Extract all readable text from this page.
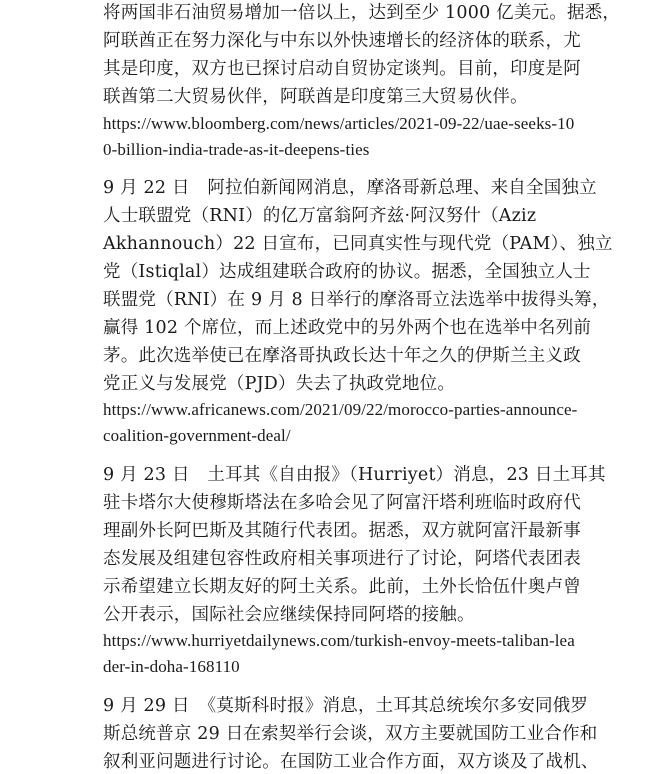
将两国非石油贸易增加一倍以上，达到至少 1000 亿美元。据悉，
阿联酋正在努力深化与中东以外快速增长的经济体的联系，尤
其是印度，双方也已探讨启动自贸协定谈判。目前，印度是阿
联酋第二大贸易伙伴，阿联酋是印度第三大贸易伙伴。
https://www.bloomberg.com/news/articles/2021-09-22/uae-seeks-10
0-billion-india-trade-as-it-deepens-ties
9 月 22 日　阿拉伯新闻网消息，摩洛哥新总理、来自全国独立
人士联盟党（RNI）的亿万富翁阿齐兹·阿汉努什（Aziz
Akhannouch）22 日宣布，已同真实性与现代党（PAM）、独立
党（Istiqlal）达成组建联合政府的协议。据悉，全国独立人士
联盟党（RNI）在 9 月 8 日举行的摩洛哥立法选举中拔得头筹，
赢得 102 个席位，而上述政党中的另外两个也在选举中名列前
茅。此次选举使已在摩洛哥执政长达十年之久的伊斯兰主义政
党正义与发展党（PJD）失去了执政党地位。
https://www.africanews.com/2021/09/22/morocco-parties-announce-
coalition-government-deal/
9 月 23 日　土耳其《自由报》（Hurriyet）消息，23 日土耳其
驻卡塔尔大使穆斯塔法在多哈会见了阿富汗塔利班临时政府代
理副外长阿巴斯及其随行代表团。据悉，双方就阿富汗最新事
态发展及组建包容性政府相关事项进行了讨论，阿塔代表团表
示希望建立长期友好的阿土关系。此前，土外长恰伍什奥卢曾
公开表示，国际社会应继续保持同阿塔的接触。
https://www.hurriyetdailynews.com/turkish-envoy-meets-taliban-lea
der-in-doha-168110
9 月 29 日　《莫斯科时报》消息，土耳其总统埃尔多安同俄罗
斯总统普京 29 日在索契举行会谈，双方主要就国防工业合作和
叙利亚问题进行讨论。在国防工业合作方面，双方谈及了战机、
